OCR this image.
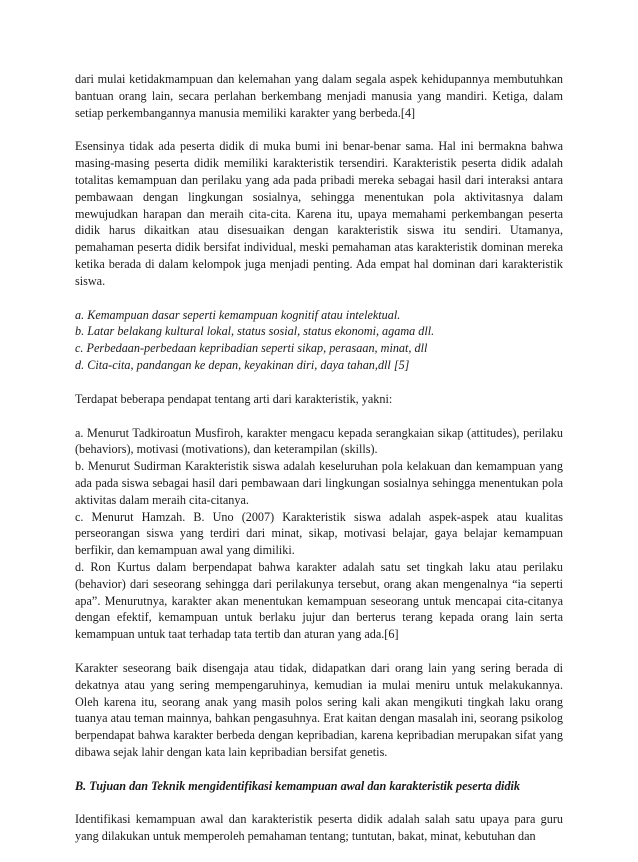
dari mulai ketidakmampuan dan kelemahan yang dalam segala aspek kehidupannya membutuhkan bantuan orang lain, secara perlahan berkembang menjadi manusia yang mandiri. Ketiga, dalam setiap perkembangannya manusia memiliki karakter yang berbeda.[4]

Esensinya tidak ada peserta didik di muka bumi ini benar-benar sama. Hal ini bermakna bahwa masing-masing peserta didik memiliki karakteristik tersendiri. Karakteristik peserta didik adalah totalitas kemampuan dan perilaku yang ada pada pribadi mereka sebagai hasil dari interaksi antara pembawaan dengan lingkungan sosialnya, sehingga menentukan pola aktivitasnya dalam mewujudkan harapan dan meraih cita-cita. Karena itu, upaya memahami perkembangan peserta didik harus dikaitkan atau disesuaikan dengan karakteristik siswa itu sendiri. Utamanya, pemahaman peserta didik bersifat individual, meski pemahaman atas karakteristik dominan mereka ketika berada di dalam kelompok juga menjadi penting. Ada empat hal dominan dari karakteristik siswa.

a. Kemampuan dasar seperti kemampuan kognitif atau intelektual.
b. Latar belakang kultural lokal, status sosial, status ekonomi, agama dll.
c. Perbedaan-perbedaan kepribadian seperti sikap, perasaan, minat, dll
d. Cita-cita, pandangan ke depan, keyakinan diri, daya tahan,dll [5]

Terdapat beberapa pendapat tentang arti dari karakteristik, yakni:

a. Menurut Tadkiroatun Musfiroh, karakter mengacu kepada serangkaian sikap (attitudes), perilaku (behaviors), motivasi (motivations), dan keterampilan (skills).

b. Menurut Sudirman Karakteristik siswa adalah keseluruhan pola kelakuan dan kemampuan yang ada pada siswa sebagai hasil dari pembawaan dari lingkungan sosialnya sehingga menentukan pola aktivitas dalam meraih cita-citanya.

c. Menurut Hamzah. B. Uno (2007) Karakteristik siswa adalah aspek-aspek atau kualitas perseorangan siswa yang terdiri dari minat, sikap, motivasi belajar, gaya belajar kemampuan berfikir, dan kemampuan awal yang dimiliki.

d. Ron Kurtus dalam berpendapat bahwa karakter adalah satu set tingkah laku atau perilaku (behavior) dari seseorang sehingga dari perilakunya tersebut, orang akan mengenalnya “ia seperti apa”. Menurutnya, karakter akan menentukan kemampuan seseorang untuk mencapai cita-citanya dengan efektif, kemampuan untuk berlaku jujur dan berterus terang kepada orang lain serta kemampuan untuk taat terhadap tata tertib dan aturan yang ada.[6]

Karakter seseorang baik disengaja atau tidak, didapatkan dari orang lain yang sering berada di dekatnya atau yang sering mempengaruhinya, kemudian ia mulai meniru untuk melakukannya. Oleh karena itu, seorang anak yang masih polos sering kali akan mengikuti tingkah laku orang tuanya atau teman mainnya, bahkan pengasuhnya. Erat kaitan dengan masalah ini, seorang psikolog berpendapat bahwa karakter berbeda dengan kepribadian, karena kepribadian merupakan sifat yang dibawa sejak lahir dengan kata lain kepribadian bersifat genetis.

B. Tujuan dan Teknik mengidentifikasi kemampuan awal dan karakteristik peserta didik

Identifikasi kemampuan awal dan karakteristik peserta didik adalah salah satu upaya para guru yang dilakukan untuk memperoleh pemahaman tentang; tuntutan, bakat, minat, kebutuhan dan
